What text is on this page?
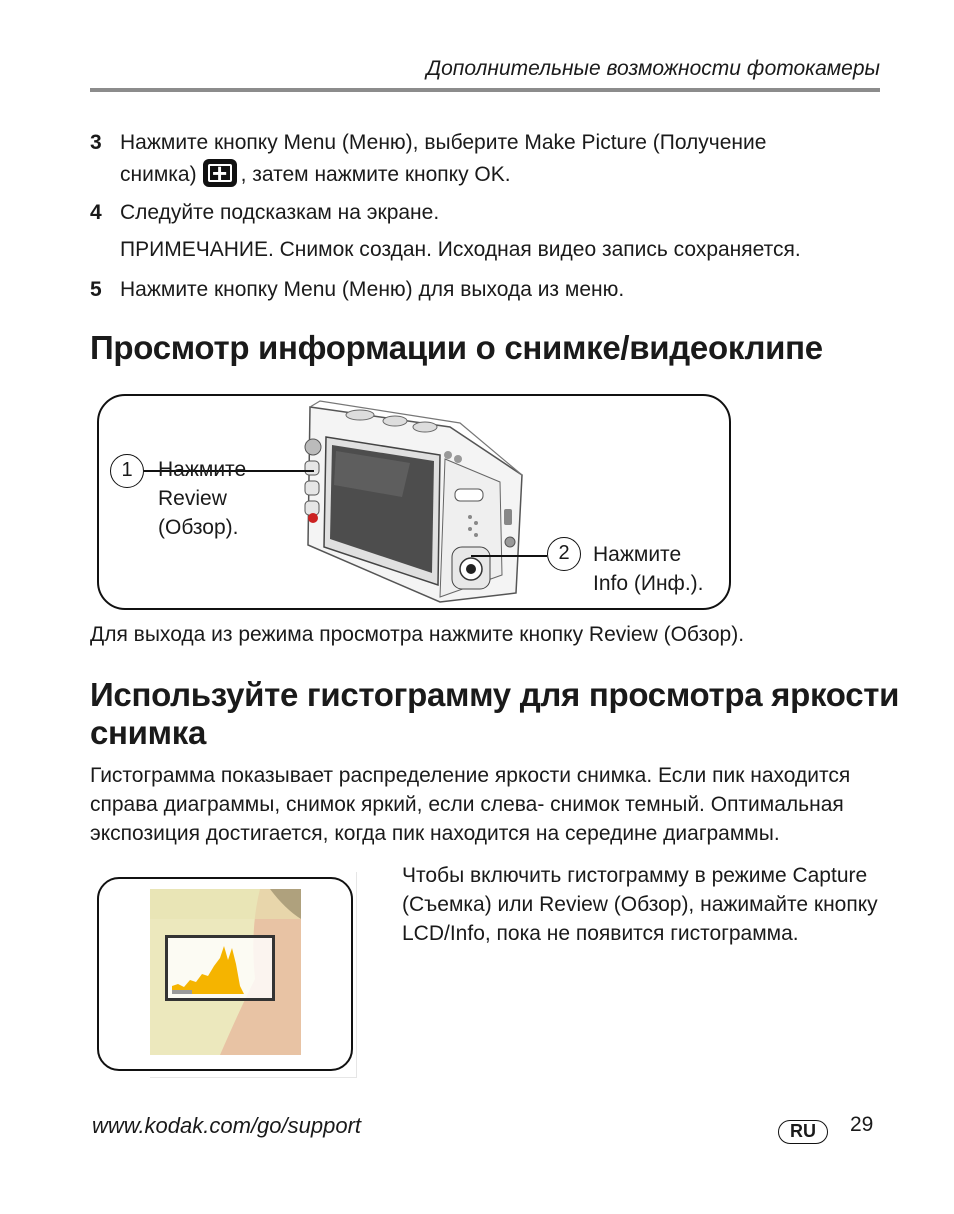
Дополнительные возможности фотокамеры
3 Нажмите кнопку Menu (Меню), выберите Make Picture (Получение
снимка)+ , затем нажмите кнопку OK.
4 Следуйте подсказкам на экране.
ПРИМЕЧАНИЕ. Снимок создан. Исходная видео запись сохраняется.
5 Нажмите кнопку Menu (Меню) для выхода из меню.
Просмотр информации о снимке/видеоклипе
1	Нажмите
Review
(Обзор).
2	Нажмите
Info (Инф.).
Для выхода из режима просмотра нажмите кнопку Review (Обзор).
Используйте гистограмму для просмотра яркости
снимка
Гистограмма показывает распределение яркости снимка. Если пик находится
справа диаграммы, снимок яркий, если слева- снимок темный. Оптимальная
экспозиция достигается, когда пик находится на середине диаграммы.
Чтобы включить гистограмму в режиме Capture
(Съемка) или Review (Обзор), нажимайте кнопку
LCD/Info, пока не появится гистограмма.
www.kodak.com/go/support	RU	29
